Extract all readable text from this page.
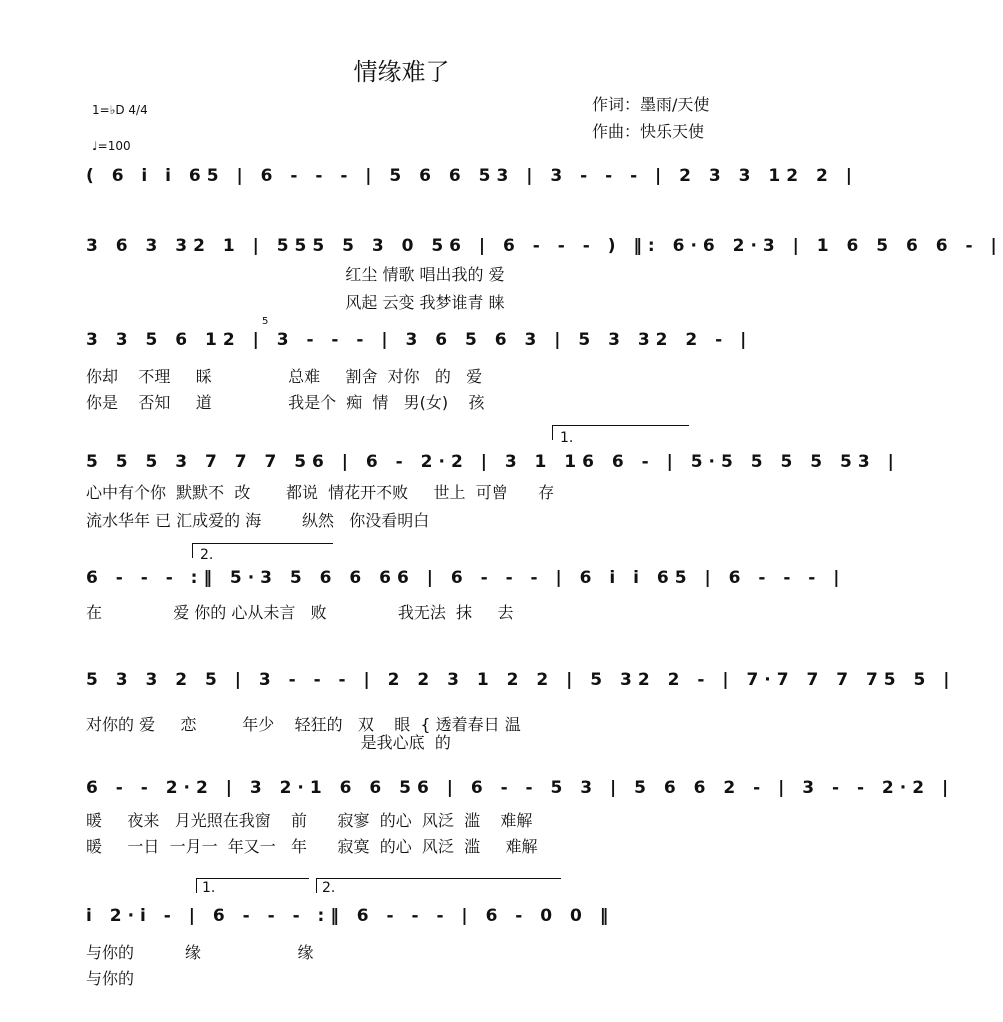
情缘难了
作词：墨雨/天使
作曲：快乐天使
1=♭D 4/4
♩=100
( 6 i i 65 | 6 - - - | 5 6 6 53 | 3 - - - | 2 3 3 12 2 |
3 6 3 32 1 | 555 5 3 0 56 | 6 - - - ) ‖: 6·6 2·3 | 1 6 5 6 6 - |
3 3 5 6 12 | 3 - - - | 3 6 5 6 3 | 5 3 32 2 - |
5 5 5 3 7 7 7 56 | 6 - 2·2 | 3 1 16 6 - | 5·5 5 5 5 53 |
6 - - - :‖ 5·3 5 6 6 66 | 6 - - - | 6 i i 65 | 6 - - - |
5 3 3 2 5 | 3 - - - | 2 2 3 1 2 2 | 5 32 2 - | 7·7 7 7 75 5 |
6 - - 2·2 | 3 2·1 6 6 56 | 6 - - 5 3 | 5 6 6 2 - | 3 - - 2·2 |
i 2·i - | 6 - - - :‖ 6 - - - | 6 - 0 0 ‖
红尘 情歌 唱出我的 爱
风起 云变 我梦谁青 睐
你却    不理     睬               总难     割舍  对你   的   爱
你是    否知     道               我是个  痴  情   男(女)    孩
心中有个你  默默不  改       都说  情花开不败     世上  可曾      存
流水华年 已 汇成爱的 海        纵然   你没看明白
在              爱 你的 心从未言   败              我无法  抹     去
对你的 爱     恋         年少    轻狂的   双    眼  { 透着春日 温
是我心底  的
暖     夜来   月光照在我窗    前      寂寥  的心  风泛  滥    难解
暖     一日  一月一  年又一   年      寂寞  的心  风泛  滥     难解
与你的          缘                   缘
与你的
1.
2.
1.	2.
5
